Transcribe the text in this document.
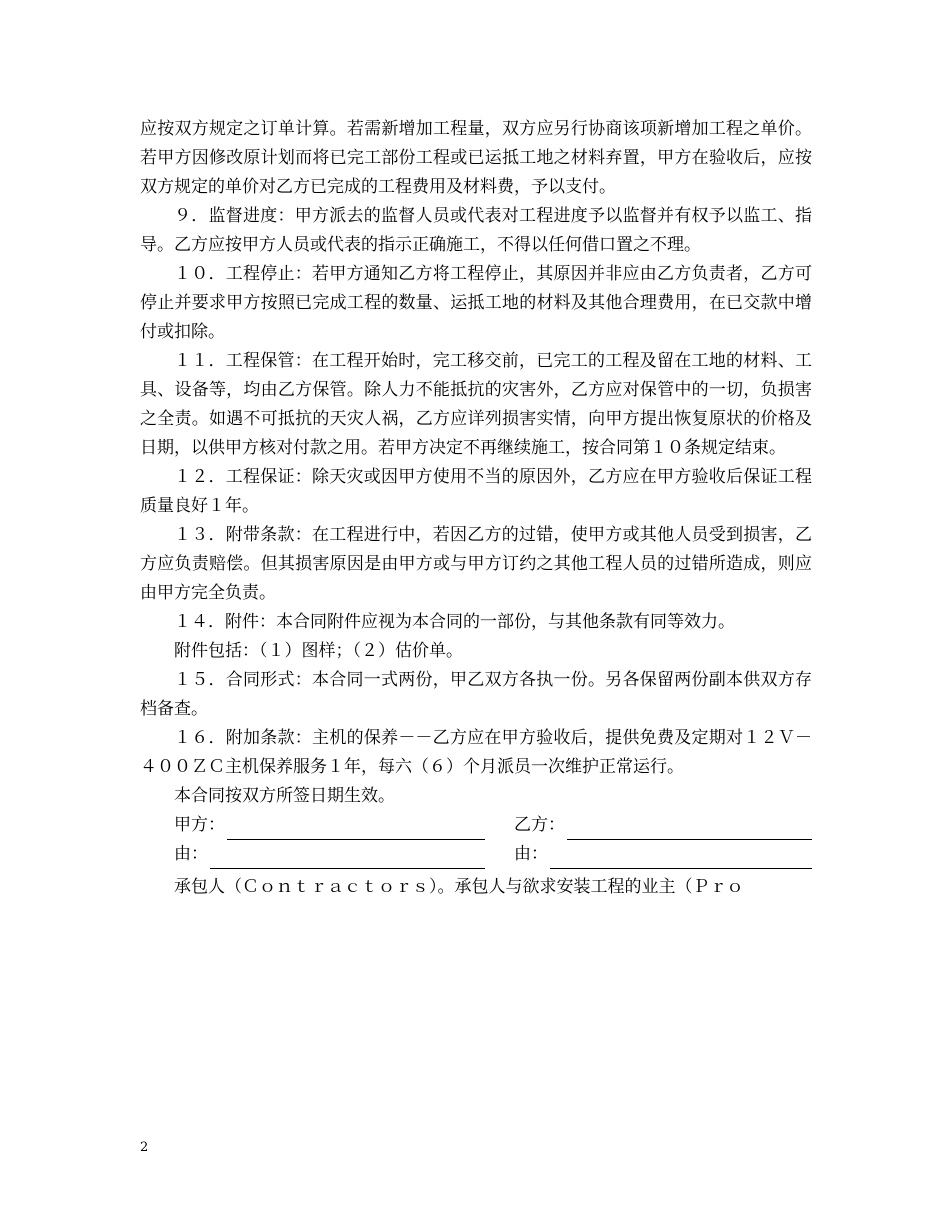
应按双方规定之订单计算。若需新增加工程量，双方应另行协商该项新增加工程之单价。若甲方因修改原计划而将已完工部份工程或已运抵工地之材料弃置，甲方在验收后，应按双方规定的单价对乙方已完成的工程费用及材料费，予以支付。

９．监督进度：甲方派去的监督人员或代表对工程进度予以监督并有权予以监工、指导。乙方应按甲方人员或代表的指示正确施工，不得以任何借口置之不理。

１０．工程停止：若甲方通知乙方将工程停止，其原因并非应由乙方负责者，乙方可停止并要求甲方按照已完成工程的数量、运抵工地的材料及其他合理费用，在已交款中增付或扣除。

１１．工程保管：在工程开始时，完工移交前，已完工的工程及留在工地的材料、工具、设备等，均由乙方保管。除人力不能抵抗的灾害外，乙方应对保管中的一切，负损害之全责。如遇不可抵抗的天灾人祸，乙方应详列损害实情，向甲方提出恢复原状的价格及日期，以供甲方核对付款之用。若甲方决定不再继续施工，按合同第１０条规定结束。

１２．工程保证：除天灾或因甲方使用不当的原因外，乙方应在甲方验收后保证工程质量良好１年。

１３．附带条款：在工程进行中，若因乙方的过错，使甲方或其他人员受到损害，乙方应负责赔偿。但其损害原因是由甲方或与甲方订约之其他工程人员的过错所造成，则应由甲方完全负责。

１４．附件：本合同附件应视为本合同的一部份，与其他条款有同等效力。

附件包括：（１）图样；（２）估价单。

１５．合同形式：本合同一式两份，甲乙双方各执一份。另各保留两份副本供双方存档备查。

１６．附加条款：主机的保养－－乙方应在甲方验收后，提供免费及定期对１２Ｖ－４００ＺＣ主机保养服务１年，每六（６）个月派员一次维护正常运行。

本合同按双方所签日期生效。

甲方：	乙方：
由：	由：

承包人（Ｃｏｎｔｒａｃｔｏｒｓ）。承包人与欲求安装工程的业主（Ｐｒｏ

2
